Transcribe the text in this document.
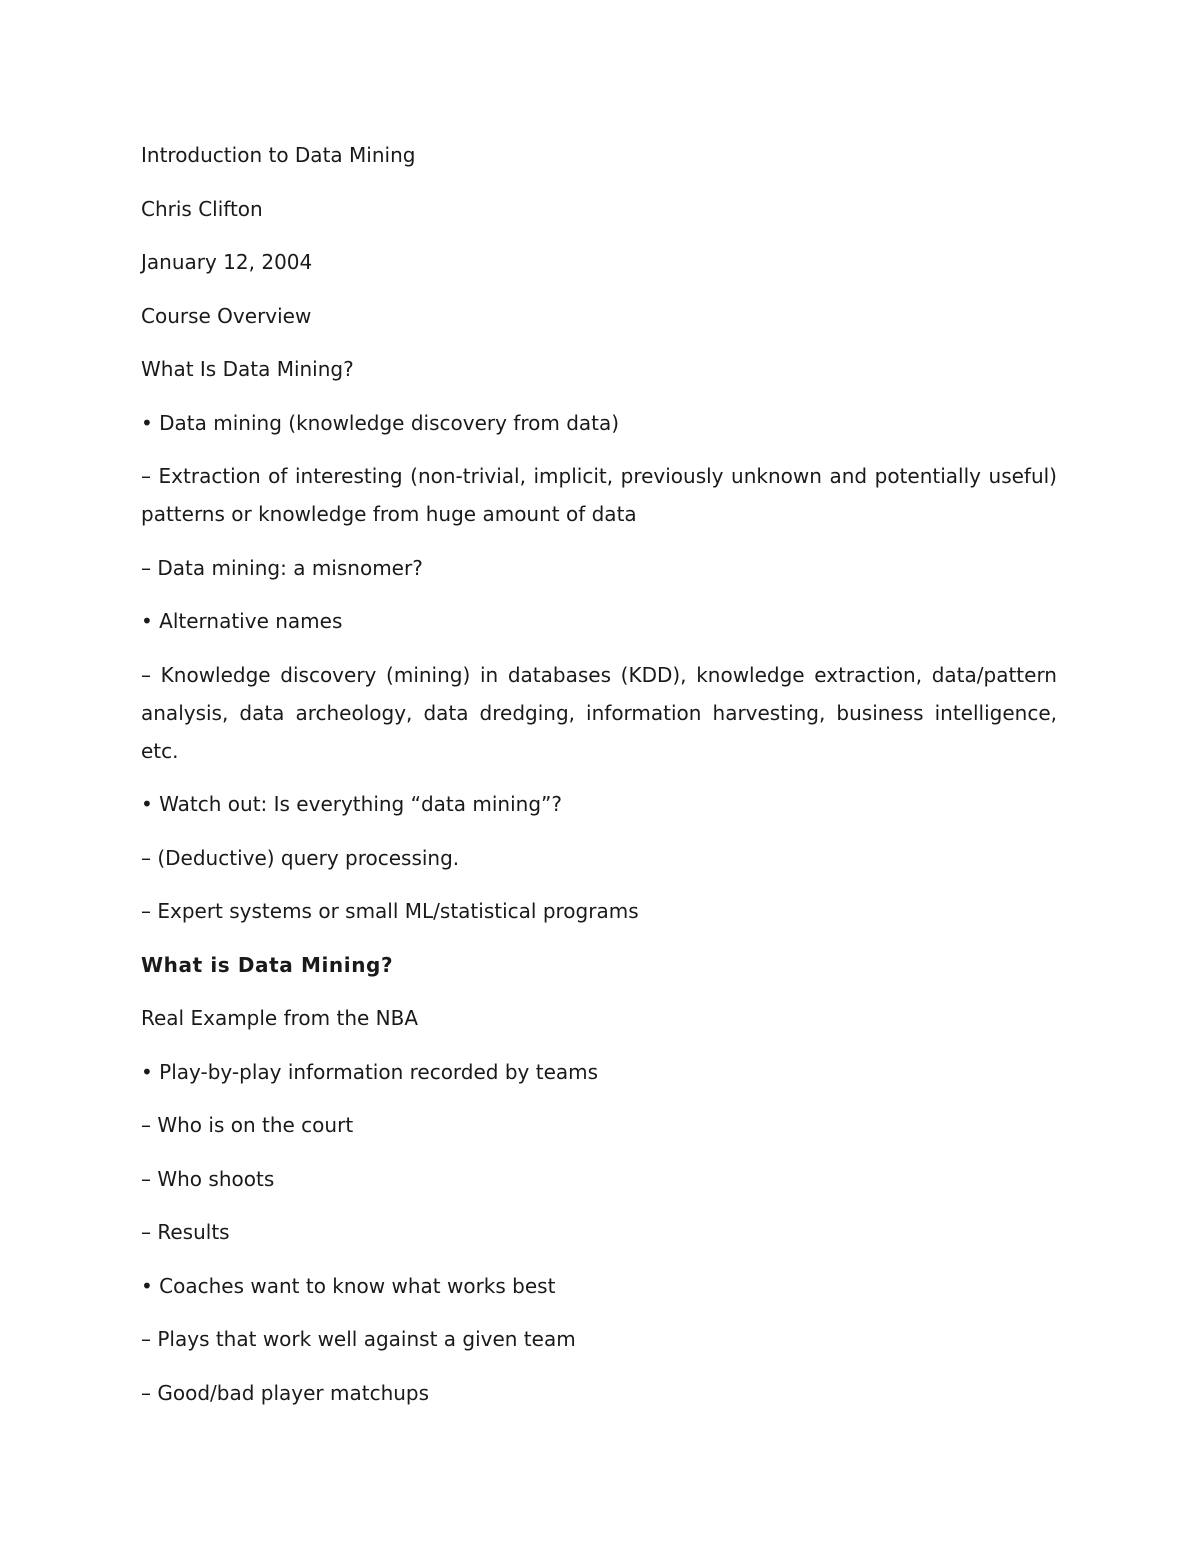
Introduction to Data Mining

Chris Clifton

January 12, 2004

Course Overview

What Is Data Mining?

• Data mining (knowledge discovery from data)

– Extraction of interesting (non-trivial, implicit, previously unknown and potentially useful) patterns or knowledge from huge amount of data

– Data mining: a misnomer?

• Alternative names

– Knowledge discovery (mining) in databases (KDD), knowledge extraction, data/pattern analysis, data archeology, data dredging, information harvesting, business intelligence, etc.

• Watch out: Is everything “data mining”?

– (Deductive) query processing.

– Expert systems or small ML/statistical programs

What is Data Mining?

Real Example from the NBA

• Play-by-play information recorded by teams

– Who is on the court

– Who shoots

– Results

• Coaches want to know what works best

– Plays that work well against a given team

– Good/bad player matchups
